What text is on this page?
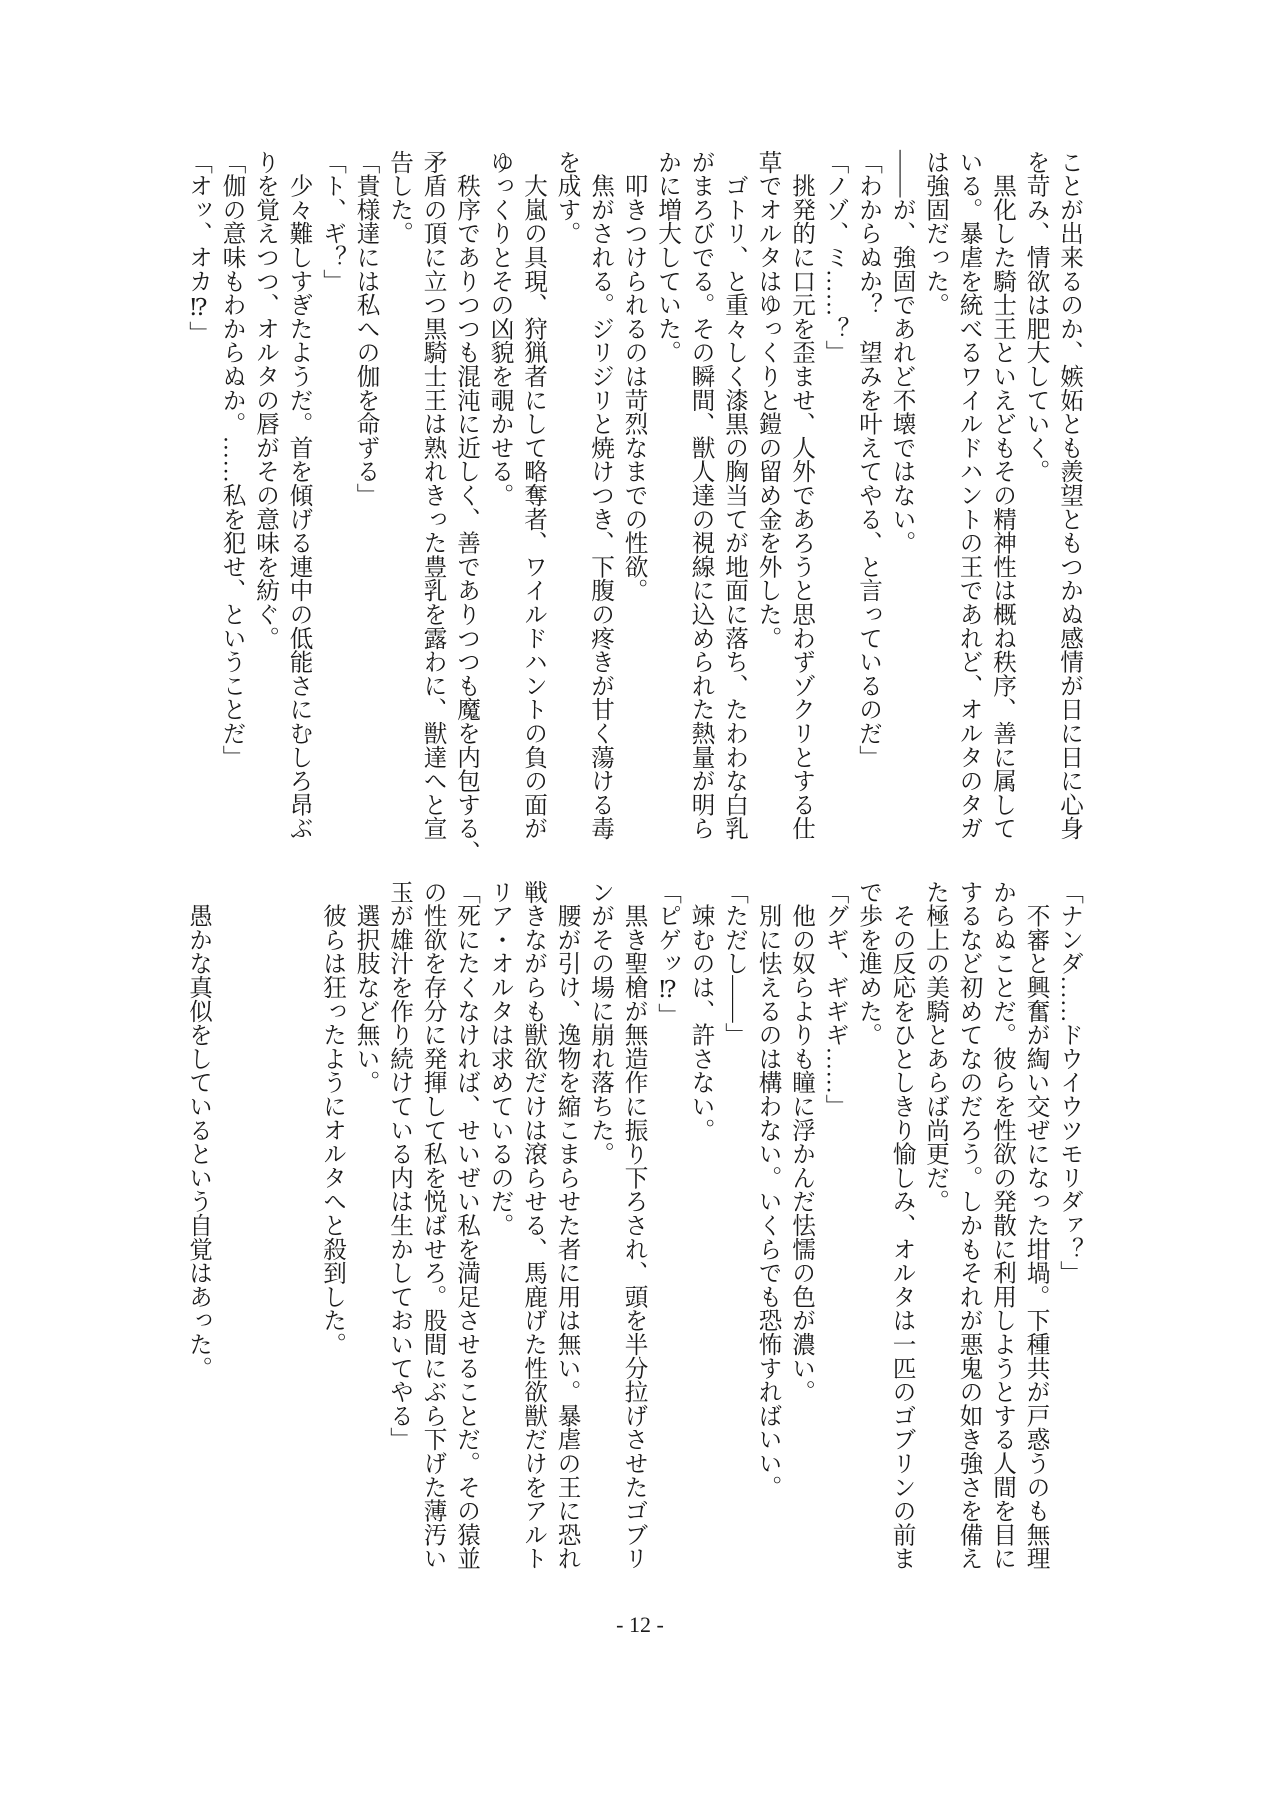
ことが出来るのか、嫉妬とも羨望ともつかぬ感情が日に日に心身
を苛み、情欲は肥大していく。
　黒化した騎士王といえどもその精神性は概ね秩序、善に属して
いる。暴虐を統べるワイルドハントの王であれど、オルタのタガ
は強固だった。
――が、強固であれど不壊ではない。
「わからぬか？　望みを叶えてやる、と言っているのだ」
「ノゾ、ミ……？」
　挑発的に口元を歪ませ、人外であろうと思わずゾクリとする仕
草でオルタはゆっくりと鎧の留め金を外した。
　ゴトリ、と重々しく漆黒の胸当てが地面に落ち、たわわな白乳
がまろびでる。その瞬間、獣人達の視線に込められた熱量が明ら
かに増大していた。
　叩きつけられるのは苛烈なまでの性欲。
　焦がされる。ジリジリと焼けつき、下腹の疼きが甘く蕩ける毒
を成す。
　大嵐の具現、狩猟者にして略奪者、ワイルドハントの負の面が
ゆっくりとその凶貌を覗かせる。
　秩序でありつつも混沌に近しく、善でありつつも魔を内包する、
矛盾の頂に立つ黒騎士王は熟れきった豊乳を露わに、獣達へと宣
告した。
「貴様達には私への伽を命ずる」
「ト、ギ？」
　少々難しすぎたようだ。首を傾げる連中の低能さにむしろ昂ぶ
りを覚えつつ、オルタの唇がその意味を紡ぐ。
「伽の意味もわからぬか。……私を犯せ、ということだ」
「オッ、オカ⁉」
「ナンダ……ドウイウツモリダァ？」
　不審と興奮が綯い交ぜになった坩堝。下種共が戸惑うのも無理
からぬことだ。彼らを性欲の発散に利用しようとする人間を目に
するなど初めてなのだろう。しかもそれが悪鬼の如き強さを備え
た極上の美騎とあらば尚更だ。
　その反応をひとしきり愉しみ、オルタは一匹のゴブリンの前ま
で歩を進めた。
「グギ、ギギギ……」
　他の奴らよりも瞳に浮かんだ怯懦の色が濃い。
　別に怯えるのは構わない。いくらでも恐怖すればいい。
「ただし――」
　竦むのは、許さない。
「ピゲッ⁉」
　黒き聖槍が無造作に振り下ろされ、頭を半分拉げさせたゴブリ
ンがその場に崩れ落ちた。
　腰が引け、逸物を縮こまらせた者に用は無い。暴虐の王に恐れ
戦きながらも獣欲だけは滾らせる、馬鹿げた性欲獣だけをアルト
リア・オルタは求めているのだ。
「死にたくなければ、せいぜい私を満足させることだ。その猿並
の性欲を存分に発揮して私を悦ばせろ。股間にぶら下げた薄汚い
玉が雄汁を作り続けている内は生かしておいてやる」
　選択肢など無い。
　彼らは狂ったようにオルタへと殺到した。
　愚かな真似をしているという自覚はあった。
- 12 -
